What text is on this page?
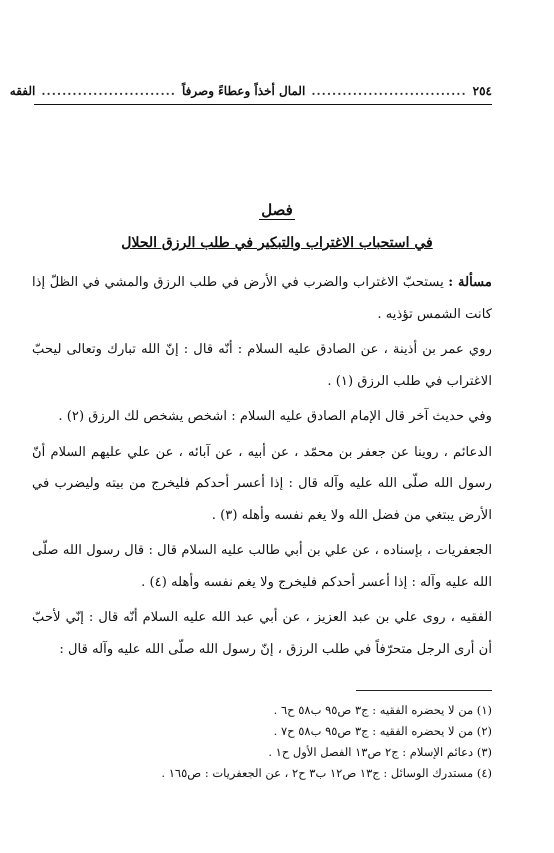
٢٥٤
..............................
المال أخذاً وعطاءً وصرفاً
..........................
الفقه
فصل
في استحباب الاغتراب والتبكير في طلب الرزق الحلال

مسألة : يستحبّ الاغتراب والضرب في الأرض في طلب الرزق والمشي في الظلّ إذا كانت الشمس تؤذيه .

روي عمر بن أذينة ، عن الصادق عليه السلام : أنّه قال : إنّ الله تبارك وتعالى ليحبّ الاغتراب في طلب الرزق (١) .

وفي حديث آخر قال الإمام الصادق عليه السلام : اشخص يشخص لك الرزق (٢) .

الدعائم ، روينا عن جعفر بن محمّد ، عن أبيه ، عن آبائه ، عن علي عليهم السلام أنّ رسول الله صلّى الله عليه وآله قال : إذا أعسر أحدكم فليخرج من بيته وليضرب في الأرض يبتغي من فضل الله ولا يغم نفسه وأهله (٣) .

الجعفريات ، بإسناده ، عن علي بن أبي طالب عليه السلام قال : قال رسول الله صلّى الله عليه وآله : إذا أعسر أحدكم فليخرج ولا يغم نفسه وأهله (٤) .

الفقيه ، روى علي بن عبد العزيز ، عن أبي عبد الله عليه السلام أنّه قال : إنّي لأحبّ أن أرى الرجل متحرّفاً في طلب الرزق ، إنّ رسول الله صلّى الله عليه وآله قال :

(١) من لا يحضره الفقيه : ج٣ ص٩٥ ب٥٨ ح٦ .
(٢) من لا يحضره الفقيه : ج٣ ص٩٥ ب٥٨ ح٧ .
(٣) دعائم الإسلام : ج٢ ص١٣ الفصل الأول ح١ .
(٤) مستدرك الوسائل : ج١٣ ص١٢ ب٣ ح٢ ، عن الجعفريات : ص١٦٥ .
